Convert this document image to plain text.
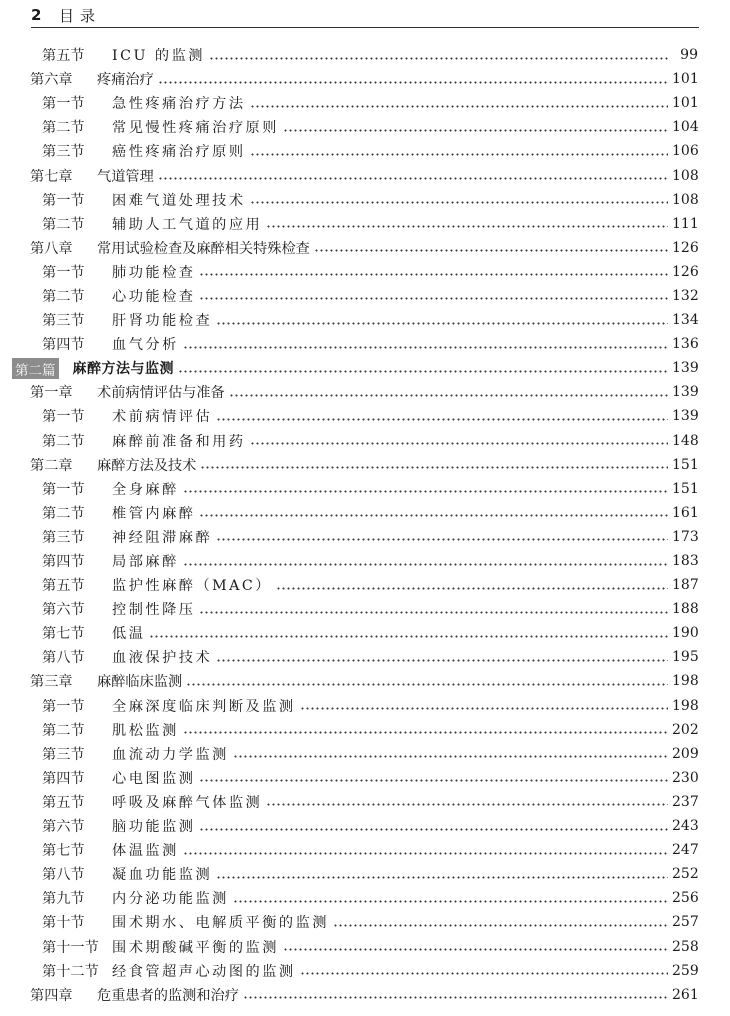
2 目录
第五节	ICU 的监测	99
第六章	疼痛治疗	101
第一节	急性疼痛治疗方法	101
第二节	常见慢性疼痛治疗原则	104
第三节	癌性疼痛治疗原则	106
第七章	气道管理	108
第一节	困难气道处理技术	108
第二节	辅助人工气道的应用	111
第八章	常用试验检查及麻醉相关特殊检查	126
第一节	肺功能检查	126
第二节	心功能检查	132
第三节	肝肾功能检查	134
第四节	血气分析	136
第二篇 麻醉方法与监测	139
第一章	术前病情评估与准备	139
第一节	术前病情评估	139
第二节	麻醉前准备和用药	148
第二章	麻醉方法及技术	151
第一节	全身麻醉	151
第二节	椎管内麻醉	161
第三节	神经阻滞麻醉	173
第四节	局部麻醉	183
第五节	监护性麻醉（MAC）	187
第六节	控制性降压	188
第七节	低温	190
第八节	血液保护技术	195
第三章	麻醉临床监测	198
第一节	全麻深度临床判断及监测	198
第二节	肌松监测	202
第三节	血流动力学监测	209
第四节	心电图监测	230
第五节	呼吸及麻醉气体监测	237
第六节	脑功能监测	243
第七节	体温监测	247
第八节	凝血功能监测	252
第九节	内分泌功能监测	256
第十节	围术期水、电解质平衡的监测	257
第十一节 围术期酸碱平衡的监测	258
第十二节 经食管超声心动图的监测	259
第四章	危重患者的监测和治疗	261
